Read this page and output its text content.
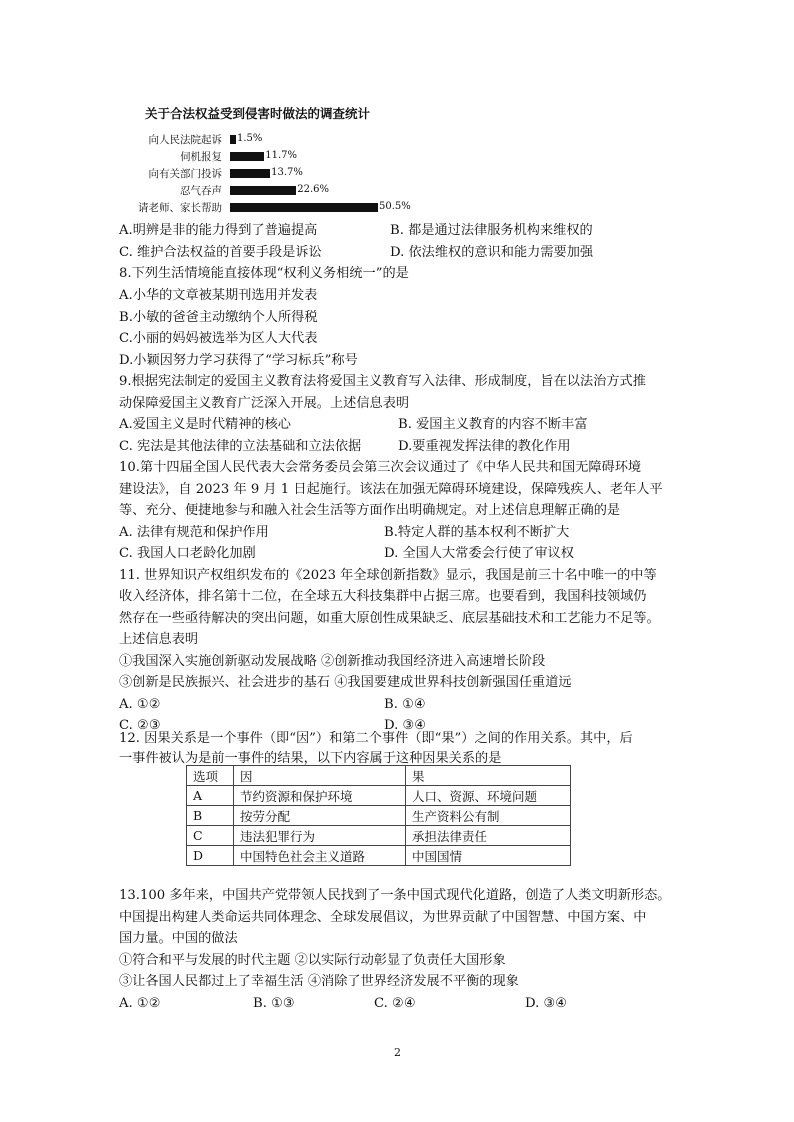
关于合法权益受到侵害时做法的调查统计
向人民法院起诉 1.5%
伺机报复	11.7%
向有关部门投诉	13.7%
忍气吞声	22.6%
请老师、家长帮助	50.5%
A.明辨是非的能力得到了普遍提高	B. 都是通过法律服务机构来维权的
C. 维护合法权益的首要手段是诉讼	D. 依法维权的意识和能力需要加强
8.下列生活情境能直接体现“权利义务相统一”的是
A.小华的文章被某期刊选用并发表
B.小敏的爸爸主动缴纳个人所得税
C.小丽的妈妈被选举为区人大代表
D.小颖因努力学习获得了“学习标兵”称号
9.根据宪法制定的爱国主义教育法将爱国主义教育写入法律、形成制度，旨在以法治方式推
动保障爱国主义教育广泛深入开展。上述信息表明
A.爱国主义是时代精神的核心	B. 爱国主义教育的内容不断丰富
C. 宪法是其他法律的立法基础和立法依据	D.要重视发挥法律的教化作用
10.第十四届全国人民代表大会常务委员会第三次会议通过了《中华人民共和国无障碍环境
建设法》，自 2023 年 9 月 1 日起施行。该法在加强无障碍环境建设，保障残疾人、老年人平
等、充分、便捷地参与和融入社会生活等方面作出明确规定。对上述信息理解正确的是
A. 法律有规范和保护作用	B.特定人群的基本权利不断扩大
C. 我国人口老龄化加剧	D. 全国人大常委会行使了审议权
11. 世界知识产权组织发布的《2023 年全球创新指数》显示，我国是前三十名中唯一的中等
收入经济体，排名第十二位，在全球五大科技集群中占据三席。也要看到，我国科技领域仍
然存在一些亟待解决的突出问题，如重大原创性成果缺乏、底层基础技术和工艺能力不足等。
上述信息表明
①我国深入实施创新驱动发展战略 ②创新推动我国经济进入高速增长阶段
③创新是民族振兴、社会进步的基石 ④我国要建成世界科技创新强国任重道远
A. ①②	B. ①④
C. ②③	D. ③④
12. 因果关系是一个事件（即“因”）和第二个事件（即“果”）之间的作用关系。其中，后
一事件被认为是前一事件的结果，以下内容属于这种因果关系的是
选项	因	果
A	节约资源和保护环境	人口、资源、环境问题
B	按劳分配	生产资料公有制
C	违法犯罪行为	承担法律责任
D	中国特色社会主义道路	中国国情
13.100 多年来，中国共产党带领人民找到了一条中国式现代化道路，创造了人类文明新形态。
中国提出构建人类命运共同体理念、全球发展倡议，为世界贡献了中国智慧、中国方案、中
国力量。中国的做法
①符合和平与发展的时代主题 ②以实际行动彰显了负责任大国形象
③让各国人民都过上了幸福生活 ④消除了世界经济发展不平衡的现象
A. ①②	B. ①③	C. ②④	D. ③④
2
